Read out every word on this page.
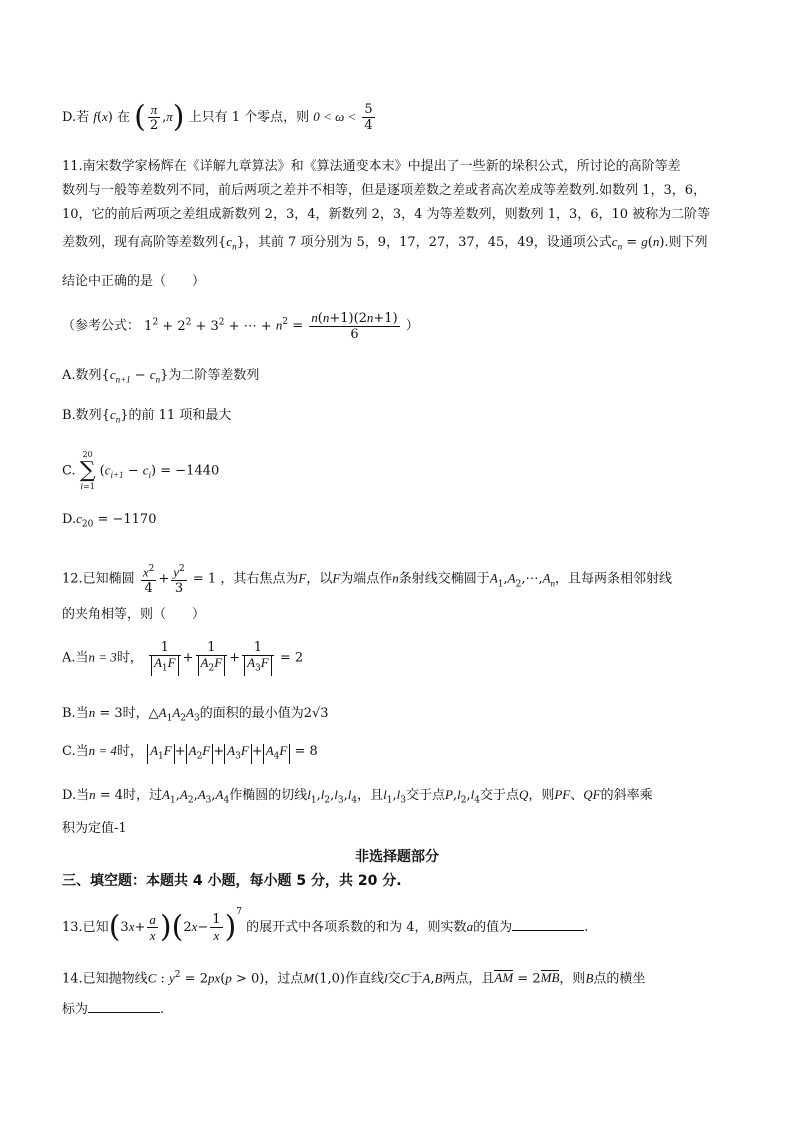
D.若 f(x) 在 ( $\frac{\pi}{2} ,\pi$) 上只有 1 个零点，则 $0 < \omega < \frac{5}{4}$
11.南宋数学家杨辉在《详解九章算法》和《算法通变本末》中提出了一些新的垛积公式，所讨论的高阶等差
数列与一般等差数列不同，前后两项之差并不相等，但是逐项差数之差或者高次差成等差数列.如数列 1，3，6，
10，它的前后两项之差组成新数列 2，3，4，新数列 2，3，4 为等差数列，则数列 1，3，6，10 被称为二阶等
差数列，现有高阶等差数列$\{c_n\}$，其前 7 项分别为 5，9，17，27，37，45，49，设通项公式$c_n = g(n)$.则下列
结论中正确的是（　　）
（参考公式： $1^2 + 2^2 + 3^2$ + ⋯ + $n^2 = \frac{n(n+1)(2n+1)}{6}$ ）
A.数列$\{c_{n+1} - c_n\}$为二阶等差数列
B.数列$\{c_n\}$的前 11 项和最大
C.
20
∑
i=1
$(c_{i+1} - c_i) = -1440$
$D.c_{20} = -1170$
12.已知椭圆 $\frac{x^2}{4} + \frac{y^2}{3} = 1$ ，其右焦点为F，以F为端点作n条射线交椭圆于$A_1,A_2,\cdots,A_n$，且每两条相邻射线
的夹角相等，则（　　）
A.当n = 3时， $\frac{1}{A_1F} + \frac{1}{A_2F} + \frac{1}{A_3F} = 2$
B.当n = 3时，$\triangle A_1A_2A_3$的面积的最小值为2√3
C.当n = 4时， $A_1F + A_2F + A_3F + A_4F = 8$
D.当n = 4时，过$A_1,A_2,A_3,A_4$作椭圆的切线$l_1,l_2,l_3,l_4$，且$l_1,l_3$交于点$P,l_2,l_4$交于点Q，则PF、QF的斜率乘
积为定值-1
非选择题部分
三、填空题：本题共 4 小题，每小题 5 分，共 20 分.
13.已知$(3x+ \frac{a}{x} )(2x- \frac{1}{x} )^7$ 的展开式中各项系数的和为 4，则实数a的值为	.
14.已知抛物线C : $y^2 = 2px(p > 0)$，过点M(1,0)作直线l交C于A,B两点，且AM = 2MB，则B点的横坐
标为	.
